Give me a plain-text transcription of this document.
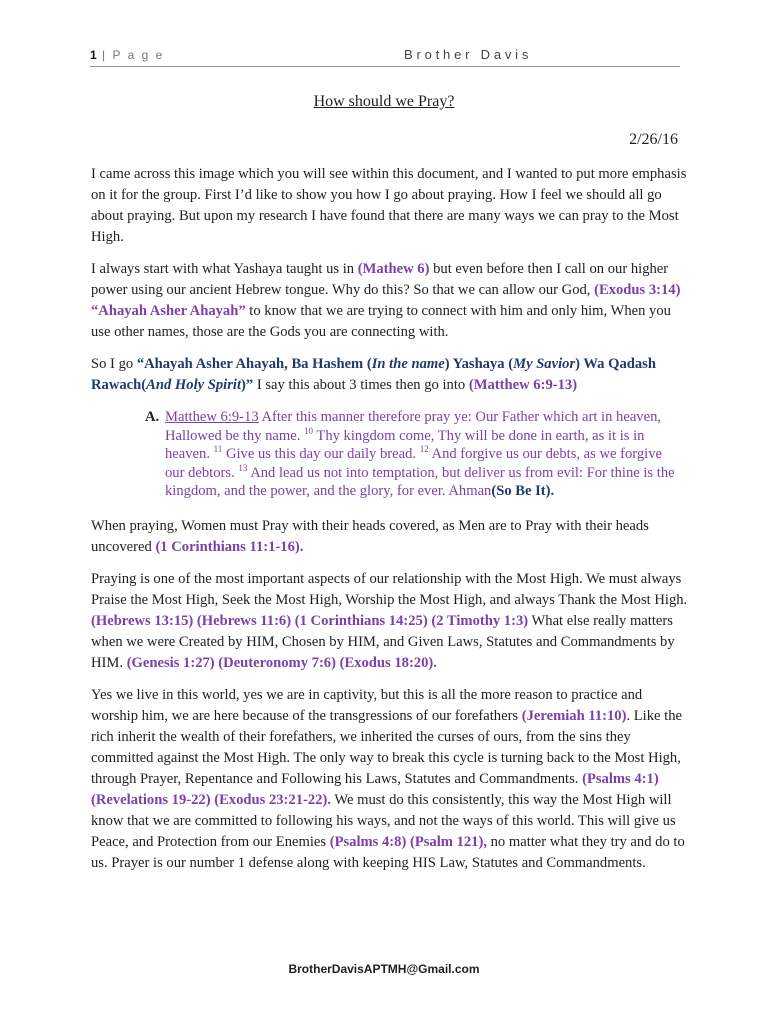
1 | P a g e	Brother Davis
How should we Pray?
2/26/16
I came across this image which you will see within this document, and I wanted to put more emphasis on it for the group. First I’d like to show you how I go about praying. How I feel we should all go about praying. But upon my research I have found that there are many ways we can pray to the Most High.
I always start with what Yashaya taught us in (Mathew 6) but even before then I call on our higher power using our ancient Hebrew tongue. Why do this? So that we can allow our God, (Exodus 3:14) “Ahayah Asher Ahayah” to know that we are trying to connect with him and only him, When you use other names, those are the Gods you are connecting with.
So I go “Ahayah Asher Ahayah, Ba Hashem (In the name) Yashaya (My Savior) Wa Qadash Rawach(And Holy Spirit)” I say this about 3 times then go into (Matthew 6:9-13)
A. Matthew 6:9-13 After this manner therefore pray ye: Our Father which art in heaven, Hallowed be thy name. $^{10}$ Thy kingdom come, Thy will be done in earth, as it is in heaven. $^{11}$ Give us this day our daily bread. $^{12}$ And forgive us our debts, as we forgive our debtors. $^{13}$ And lead us not into temptation, but deliver us from evil: For thine is the kingdom, and the power, and the glory, for ever. Ahman(So Be It).
When praying, Women must Pray with their heads covered, as Men are to Pray with their heads uncovered (1 Corinthians 11:1-16).
Praying is one of the most important aspects of our relationship with the Most High. We must always Praise the Most High, Seek the Most High, Worship the Most High, and always Thank the Most High. (Hebrews 13:15) (Hebrews 11:6) (1 Corinthians 14:25) (2 Timothy 1:3) What else really matters when we were Created by HIM, Chosen by HIM, and Given Laws, Statutes and Commandments by HIM. (Genesis 1:27) (Deuteronomy 7:6) (Exodus 18:20).
Yes we live in this world, yes we are in captivity, but this is all the more reason to practice and worship him, we are here because of the transgressions of our forefathers (Jeremiah 11:10). Like the rich inherit the wealth of their forefathers, we inherited the curses of ours, from the sins they committed against the Most High. The only way to break this cycle is turning back to the Most High, through Prayer, Repentance and Following his Laws, Statutes and Commandments. (Psalms 4:1) (Revelations 19-22) (Exodus 23:21-22). We must do this consistently, this way the Most High will know that we are committed to following his ways, and not the ways of this world. This will give us Peace, and Protection from our Enemies (Psalms 4:8) (Psalm 121), no matter what they try and do to us. Prayer is our number 1 defense along with keeping HIS Law, Statutes and Commandments.
BrotherDavisAPTMH@Gmail.com
